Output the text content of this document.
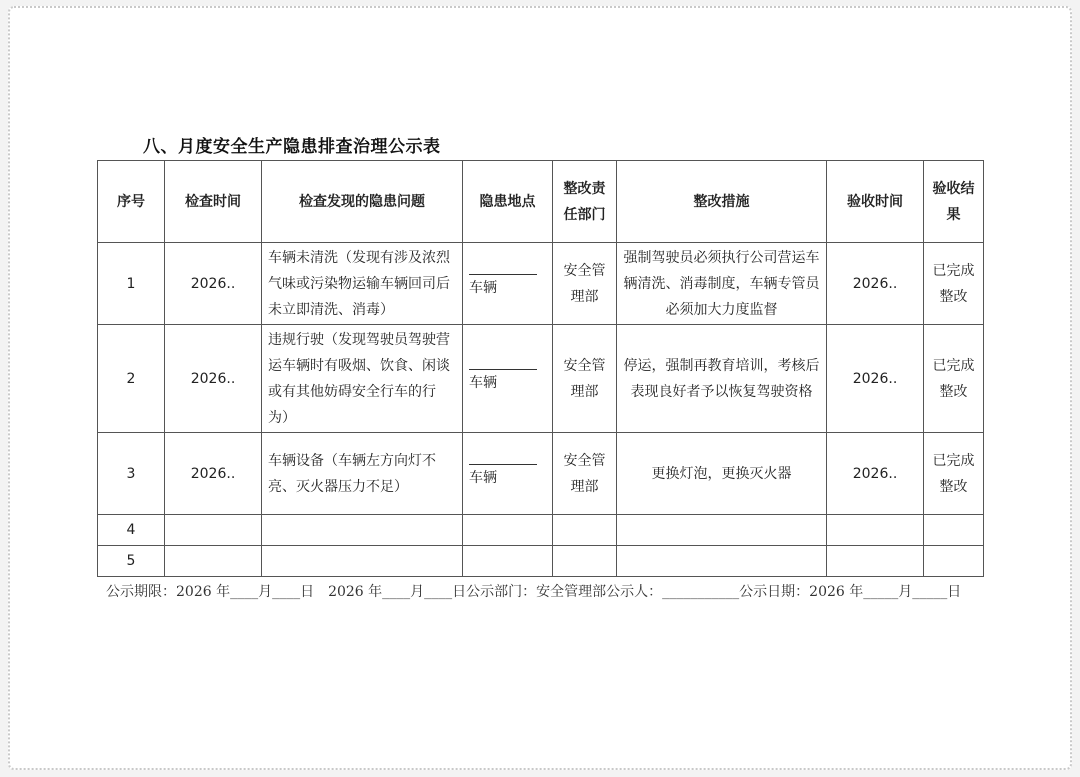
八、月度安全生产隐患排查治理公示表
序号	检查时间	检查发现的隐患问题	隐患地点	整改责任部门	整改措施	验收时间	验收结果
1	2026..	车辆未清洗（发现有涉及浓烈气味或污染物运输车辆回司后未立即清洗、消毒）	车辆	安全管理部	强制驾驶员必须执行公司营运车辆清洗、消毒制度，车辆专管员必须加大力度监督	2026..	已完成整改
2	2026..	违规行驶（发现驾驶员驾驶营运车辆时有吸烟、饮食、闲谈或有其他妨碍安全行车的行为）	车辆	安全管理部	停运，强制再教育培训，考核后表现良好者予以恢复驾驶资格	2026..	已完成整改
3	2026..	车辆设备（车辆左方向灯不亮、灭火器压力不足）	车辆	安全管理部	更换灯泡，更换灭火器	2026..	已完成整改
4							
5							
公示期限：2026 年____月____日　2026 年____月____日公示部门：安全管理部公示人：___________公示日期：2026 年_____月_____日
